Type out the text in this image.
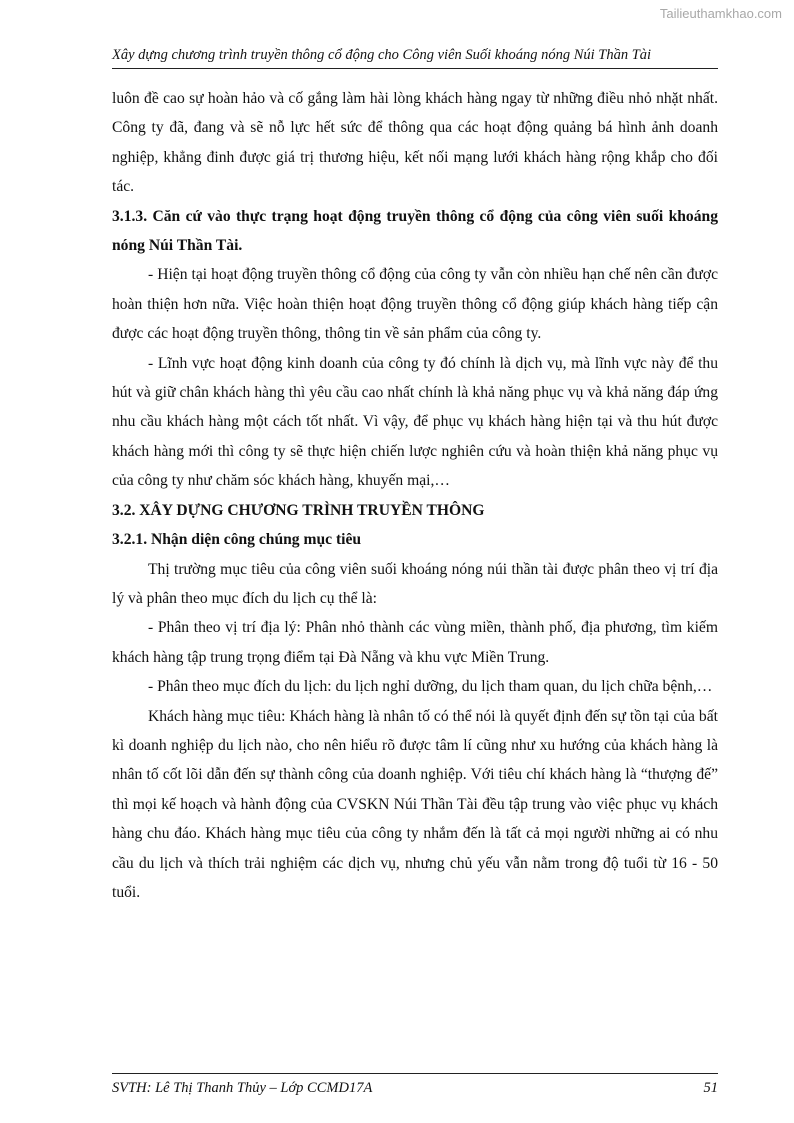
Tailieuthamkhao.com
Xây dựng chương trình truyền thông cổ động cho Công viên Suối khoáng nóng Núi Thần Tài

luôn đề cao sự hoàn hảo và cố gắng làm hài lòng khách hàng ngay từ những điều nhỏ nhặt nhất. Công ty đã, đang và sẽ nỗ lực hết sức để thông qua các hoạt động quảng bá hình ảnh doanh nghiệp, khẳng đinh được giá trị thương hiệu, kết nối mạng lưới khách hàng rộng khắp cho đối tác.

3.1.3. Căn cứ vào thực trạng hoạt động truyền thông cổ động của công viên suối khoáng nóng Núi Thần Tài.

- Hiện tại hoạt động truyền thông cổ động của công ty vẫn còn nhiều hạn chế nên cần được hoàn thiện hơn nữa. Việc hoàn thiện hoạt động truyền thông cổ động giúp khách hàng tiếp cận được các hoạt động truyền thông, thông tin về sản phẩm của công ty.

- Lĩnh vực hoạt động kinh doanh của công ty đó chính là dịch vụ, mà lĩnh vực này để thu hút và giữ chân khách hàng thì yêu cầu cao nhất chính là khả năng phục vụ và khả năng đáp ứng nhu cầu khách hàng một cách tốt nhất. Vì vậy, để phục vụ khách hàng hiện tại và thu hút được khách hàng mới thì công ty sẽ thực hiện chiến lược nghiên cứu và hoàn thiện khả năng phục vụ của công ty như chăm sóc khách hàng, khuyến mại,…

3.2. XÂY DỰNG CHƯƠNG TRÌNH TRUYỀN THÔNG
3.2.1. Nhận diện công chúng mục tiêu

Thị trường mục tiêu của công viên suối khoáng nóng núi thần tài được phân theo vị trí địa lý và phân theo mục đích du lịch cụ thể là:

- Phân theo vị trí địa lý: Phân nhỏ thành các vùng miền, thành phố, địa phương, tìm kiếm khách hàng tập trung trọng điểm tại Đà Nẵng và khu vực Miền Trung.

- Phân theo mục đích du lịch: du lịch nghỉ dưỡng, du lịch tham quan, du lịch chữa bệnh,…

Khách hàng mục tiêu: Khách hàng là nhân tố có thể nói là quyết định đến sự tồn tại của bất kì doanh nghiệp du lịch nào, cho nên hiểu rõ được tâm lí cũng như xu hướng của khách hàng là nhân tố cốt lõi dẫn đến sự thành công của doanh nghiệp. Với tiêu chí khách hàng là “thượng đế” thì mọi kế hoạch và hành động của CVSKN Núi Thần Tài đều tập trung vào việc phục vụ khách hàng chu đáo. Khách hàng mục tiêu của công ty nhắm đến là tất cả mọi người những ai có nhu cầu du lịch và thích trải nghiệm các dịch vụ, nhưng chủ yếu vẫn nằm trong độ tuổi từ 16 - 50 tuổi.

SVTH: Lê Thị Thanh Thủy – Lớp CCMD17A	51
